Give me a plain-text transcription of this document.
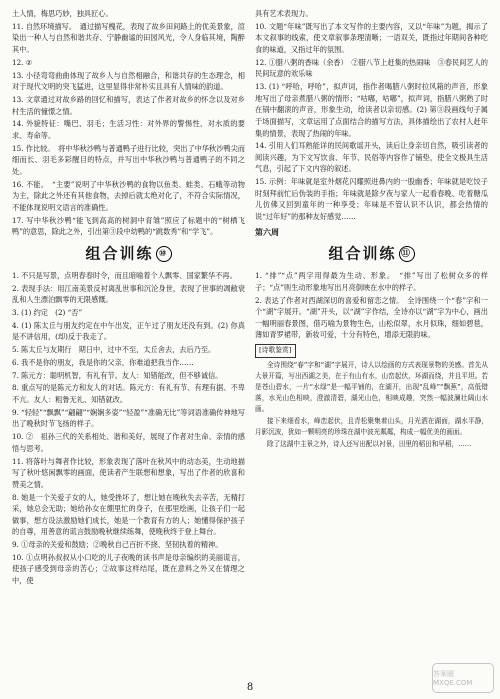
土人情，梅思巧妙，独具匠心。

11. 自然环境描写。　通过描写槐花，表现了故乡田间路上的优美景象，渲染出一种人与自然和谐共存、宁静幽谧的田园风光，令人身临其境，陶醉其中。

12. ②

13. 小径弯弯曲曲体现了故乡人与自然相融合，和谐共存的生态理念，相对于现代文明的突飞猛进，这里显得非常朴实且具有人情味的韵道。

13. 文章通过对故乡路的回忆和描写，表达了作者对故乡的怀念以及对乡村生活的憧憬之情。

14. 外貌特征：嘴巴、羽毛；生活习性：对外界的警惕性、对水质的要求、寿命等。

15. 作比较。　将中华秋沙鸭与普通鸭子进行比较，突出了中华秋沙鸭尖而细而长、羽毛多彩醒目的特点，并写出中华秋沙鸭与普通鸭子的不同之处。

16. 不能。　“主要”说明了中华秋沙鸭的食物以鱼类、蛙类、石蛾等动物为主，除此之外还有其他食物，去掉后就太绝对化了，不符合实际情况，不能体现说明文语言的准确性。

17. 写中华秋沙鸭“能飞到高高的树洞中育雏”照应了标题中的“树栖飞鸭”的意思，除此之外，引出第③段中幼鸭的“跳数秀”和“学飞”。

组合训练 ⑩

1. 不只是写景，点明春春时令，而且暗喻着个人飘零、国家繁华不再。

2. 表现手法：用江南美景反衬离乱世事和沉沦身世，表现了世事的凋敝衰乱和人生漂泊飘零的无限感慨。

3. (1) 约定　(2) “否”

4. (1) 陈太丘与朋友约定在中午出发，正午过了朋友还没有到。(2) 你真是不讲信用，(却)反于我走了。

5. 陈太丘与友期行　期日中，过中不至，太丘舍去，去后乃至。

6. 我不是你的朋友，我是你的父亲，你难道把我当作……

7. 陈元方：聪明机智，有礼有节。友人：知错能改，但不够诚信。

8. 重点写的是陈元方和友人的对话。陈元方：有礼有节、有理有据、不卑不亢。友人：粗鲁无礼、知错就改。

9. “轻轻”“飘飘”“翩翩”“娴娴多姿”“轻盈”“准确无比”等词语准确传神地写出了晚秋时节飞扬的样子。

10. ②　祖孙三代的关系相处、谐和美好，展现了作者对生命、亲情的感悟与思考。

11. 将落叶与舞者作比较，形象表现了落叶在秋风中的动态美，生动地描写了秋叶悠闲飘零的画面，使读者产生联想和想象，写出了作者的欣喜和赞美之情。

8. 她是一个关爱子女的人，她受挫坏了，想让她在晚秋失去辛苦，无精打采，她总会无助；她给孙女在绷里忙的身子，在那里绘画，让孩子们一起做事，想方设法激励她们成长，她是一个教育有方的人；她懂得保护孩子的自尊，用善意的谎言鼓励晚秋继续练舞，使晚秋终于登上舞台。

9. ①母亲的关爱和鼓励；②晚秋自己百折不挠、坚韧执着的精神。

10. ①点明孙叔叔从小口吃的儿子夜晚的读书声是母亲编织的美丽谎言，使孩子感受到母亲的苦心；②故事这样结尾，既在意料之外又在情理之中，使

具有艺术表现力。

10. 文题“年味”既写出了本文写作的主要内容，又以“年味”为题，揭示了本文叙事的线索，使文章叙事条理清晰；一语双关，既指过年期间各种吃食的味道，又指过年的氛围。

12. ①腊八粥的香味（余香）　②腊八节上赶集的热闹味　③春民间艺人的民间玩意的欢乐味

13. (1) “呼哈，呼哈”，拟声词，指作者喝腊八粥时拉风箱的声音，形象地写出了母亲煮腊八粥的情形；“咕嘟，咕嘟”，拟声词，指腊八粥熟了时在锅中翻滚的声音，形象生动，给读者以亲切感。(2) 第③段画线句子属于场面描写，文章运用了点面结合的描写方法，具体描绘出了农村人赶年集的情景，表现了热闹的年味。

14. 引用人们耳熟能详的民间歌谣开头，读后让身亲切自然，吸引读者的阅读兴趣，为下文写饮食、年节、民俗等内容作了铺垫，使全文极具生活气息，引起了下文内容的叙述。

15. 示例：年味就是室外烟花闪耀照进鼻内的一股幽香；年味就是吃饺子时刻拜前忙后伪装的手指；年味就是除夕夜与家人一起看春晚、吃着糖瓜儿仿佛又回到童年的一种享受；年味是不管认识不认识，都会热情的说“过年好”的那种友好感觉……

第六周
组合训练 ⑪

1. “排”“点”两字用得最为生动、形象。　“排”写出了松树众多的样子；“点”则生动形象地写出月亮倒映在水中的样子。

2. 表达了作者对西湖深切的喜爱和留恋之情。　全诗围绕一个“春”字和一个“湖”字展开。“湖”开头，以“湖”字作结，全诗亦以“湖”字为中心，画出一幅明丽春景图，借巧喻为景物生色，山松似翠，水月似珠，细如碧毯，薄如青罗裙带，新妆可爱，十分有特色，增添无限韵味。

[诗歌鉴赏]

全诗围绕“春”字和“湖”字展开，诗人以绘画的方式表现景物的美感。首先从大景开篇，写出西湖之美，在于有山有水，山峦起伏，环湖而绕，并且平坦。若是苍山碧水，一片“水绿”是一幅平铺的，在湖开，出现“乱峰”“飘蕉”，高低错落，水光山色相映，澄澈清碧，湖光山色，相映成趣，突然一幅波澜壮阔山水画。

接下来细看水，峰峦起伏，且青松聚集着山头，月光洒在湖面，湖水平静，月影沉波，犹如一颗明亮的珍珠在湖中波光粼粼，构成一幅优美的画面。

除了这湖中主景之外，诗人还写出配以衬景，田里的稻田和早稻，……

8
答案圈 MXQE.COM
